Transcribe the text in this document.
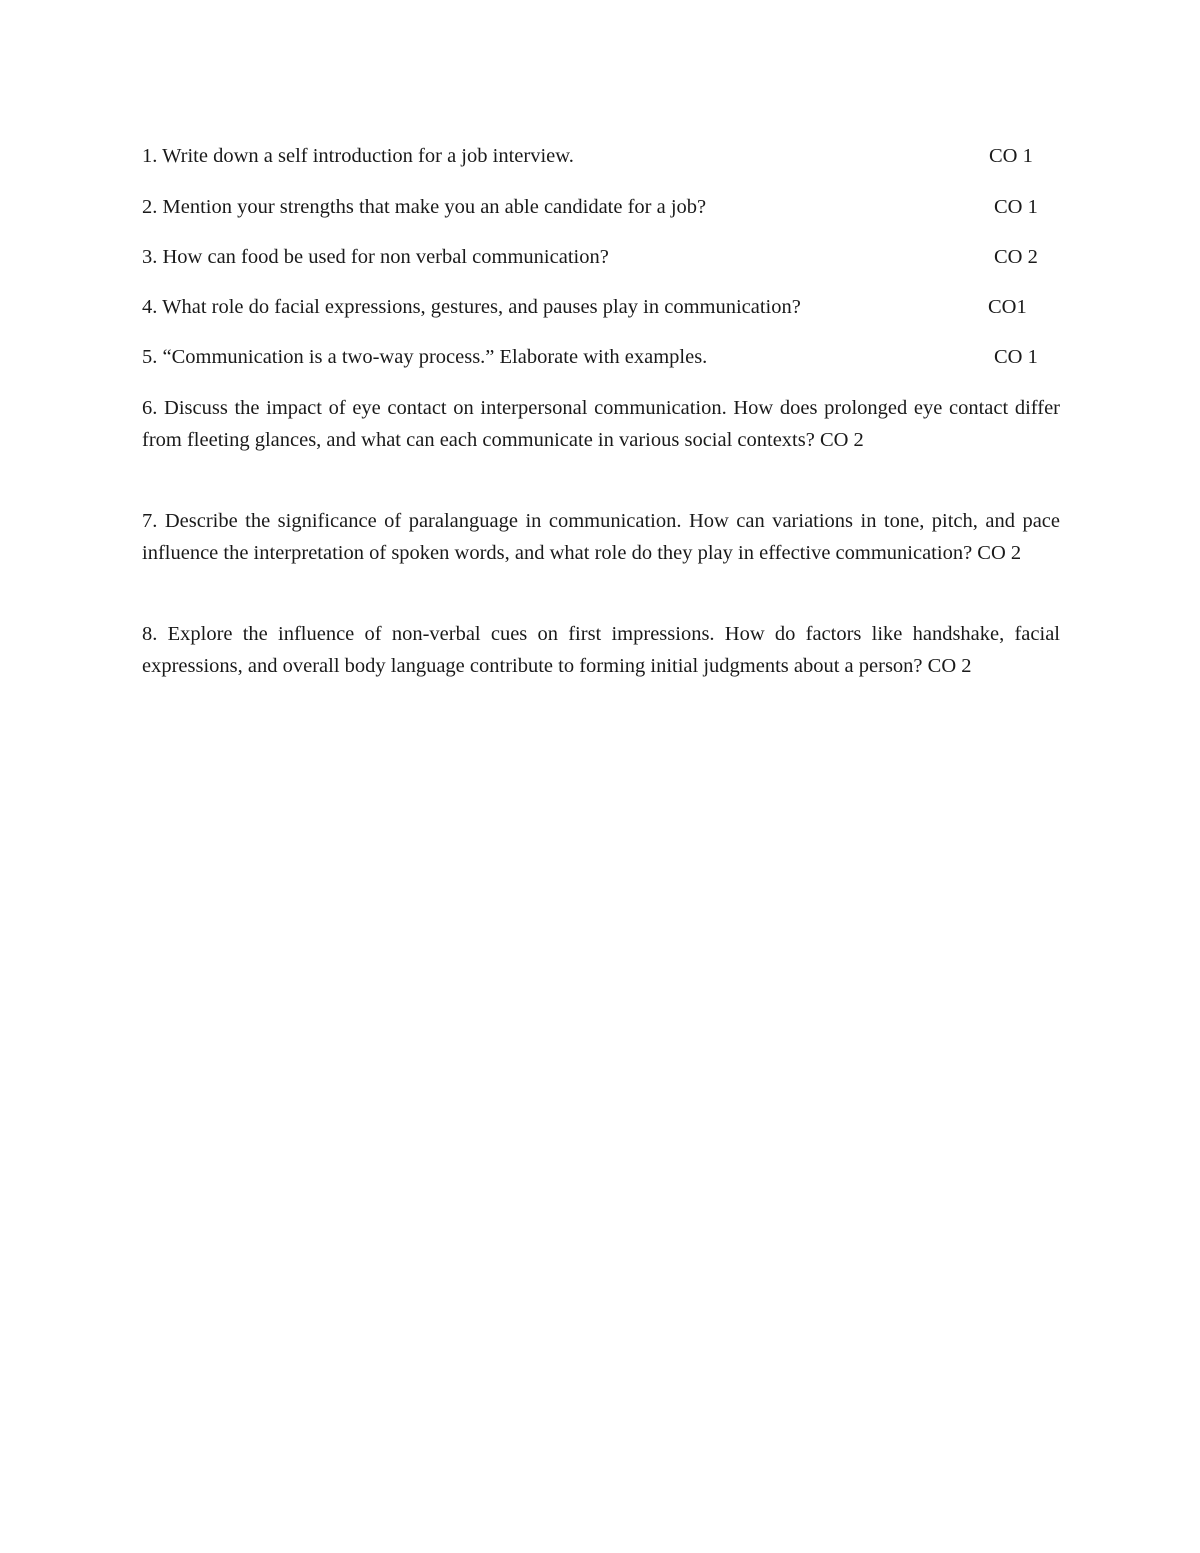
1. Write down a self introduction for a job interview.	CO 1
2. Mention your strengths that make you an able candidate for a job?	CO 1
3. How can food be used for non verbal communication?	CO 2
4. What role do facial expressions, gestures, and pauses play in communication?	CO1
5. “Communication is a two-way process.” Elaborate with examples.	CO 1
6. Discuss the impact of eye contact on interpersonal communication. How does prolonged eye contact differ from fleeting glances, and what can each communicate in various social contexts? CO 2
7. Describe the significance of paralanguage in communication. How can variations in tone, pitch, and pace influence the interpretation of spoken words, and what role do they play in effective communication? CO 2
8. Explore the influence of non-verbal cues on first impressions. How do factors like handshake, facial expressions, and overall body language contribute to forming initial judgments about a person? CO 2
